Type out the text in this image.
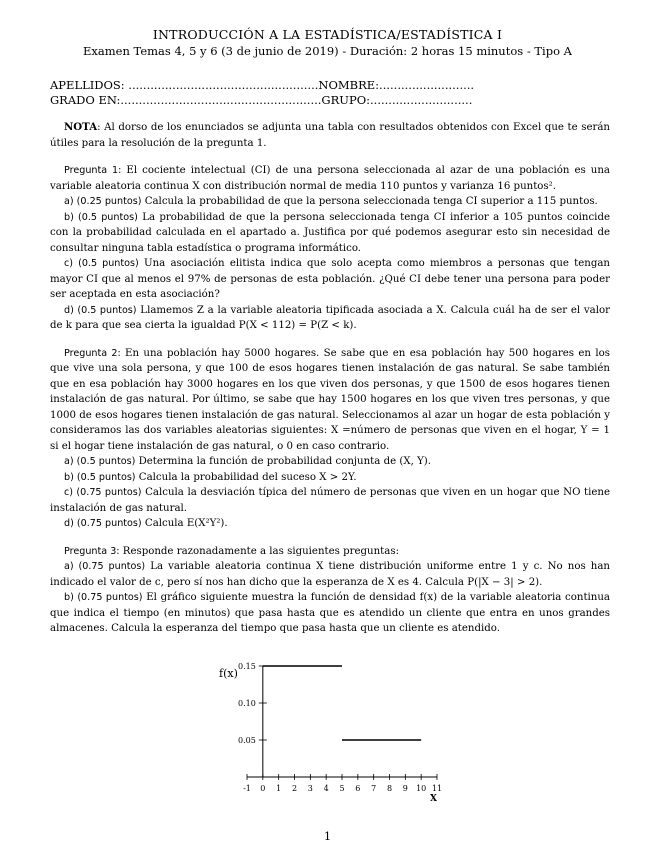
INTRODUCCIÓN A LA ESTADÍSTICA/ESTADÍSTICA I
Examen Temas 4, 5 y 6 (3 de junio de 2019) - Duración: 2 horas 15 minutos - Tipo A
APELLIDOS: ....................................................NOMBRE:..........................
GRADO EN:.......................................................GRUPO:............................

NOTA: Al dorso de los enunciados se adjunta una tabla con resultados obtenidos con Excel que te serán útiles para la resolución de la pregunta 1.

Pregunta 1: El cociente intelectual (CI) de una persona seleccionada al azar de una población es una variable aleatoria continua X con distribución normal de media 110 puntos y varianza 16 puntos².

a) (0.25 puntos) Calcula la probabilidad de que la persona seleccionada tenga CI superior a 115 puntos.

b) (0.5 puntos) La probabilidad de que la persona seleccionada tenga CI inferior a 105 puntos coincide con la probabilidad calculada en el apartado a. Justifica por qué podemos asegurar esto sin necesidad de consultar ninguna tabla estadística o programa informático.

c) (0.5 puntos) Una asociación elitista indica que solo acepta como miembros a personas que tengan mayor CI que al menos el 97% de personas de esta población. ¿Qué CI debe tener una persona para poder ser aceptada en esta asociación?

d) (0.5 puntos) Llamemos Z a la variable aleatoria tipificada asociada a X. Calcula cuál ha de ser el valor de k para que sea cierta la igualdad P(X < 112) = P(Z < k).

Pregunta 2: En una población hay 5000 hogares. Se sabe que en esa población hay 500 hogares en los que vive una sola persona, y que 100 de esos hogares tienen instalación de gas natural. Se sabe también que en esa población hay 3000 hogares en los que viven dos personas, y que 1500 de esos hogares tienen instalación de gas natural. Por último, se sabe que hay 1500 hogares en los que viven tres personas, y que 1000 de esos hogares tienen instalación de gas natural. Seleccionamos al azar un hogar de esta población y consideramos las dos variables aleatorias siguientes: X =número de personas que viven en el hogar, Y = 1 si el hogar tiene instalación de gas natural, o 0 en caso contrario.

a) (0.5 puntos) Determina la función de probabilidad conjunta de (X, Y).

b) (0.5 puntos) Calcula la probabilidad del suceso X > 2Y.

c) (0.75 puntos) Calcula la desviación típica del número de personas que viven en un hogar que NO tiene instalación de gas natural.

d) (0.75 puntos) Calcula E(X²Y²).

Pregunta 3: Responde razonadamente a las siguientes preguntas:

a) (0.75 puntos) La variable aleatoria continua X tiene distribución uniforme entre 1 y c. No nos han indicado el valor de c, pero sí nos han dicho que la esperanza de X es 4. Calcula P(|X − 3| > 2).

b) (0.75 puntos) El gráfico siguiente muestra la función de densidad f(x) de la variable aleatoria continua que indica el tiempo (en minutos) que pasa hasta que es atendido un cliente que entra en unos grandes almacenes. Calcula la esperanza del tiempo que pasa hasta que un cliente es atendido.

f(x)
X
-1 0 1 2 3 4 5 6 7 8 9 10 11
0.05
0.10
0.15
1
